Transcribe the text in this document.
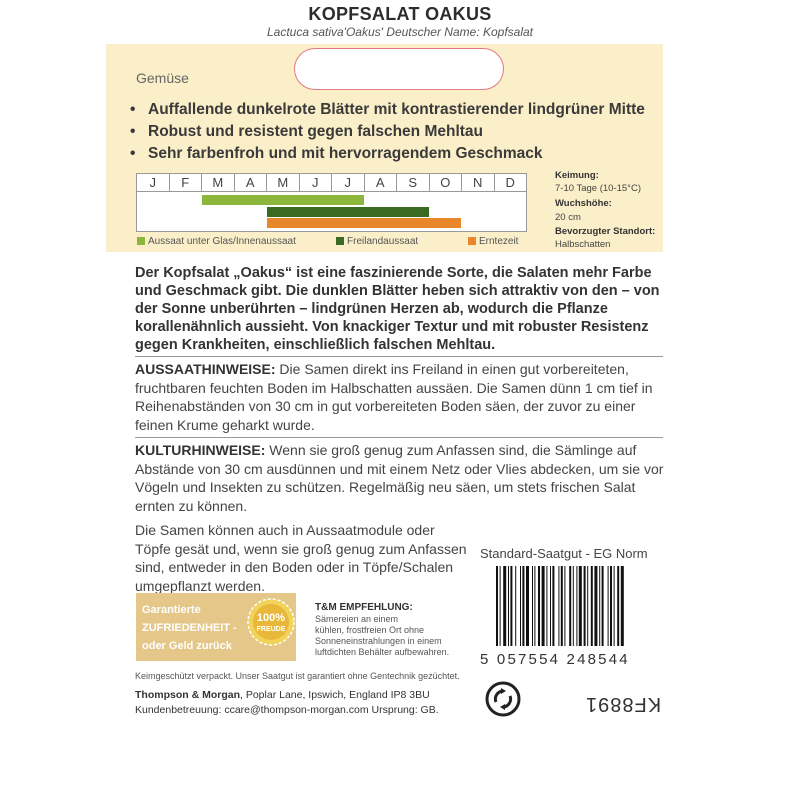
KOPFSALAT OAKUS
Lactuca sativa'Oakus' Deutscher Name: Kopfsalat
Gemüse
• Auffallende dunkelrote Blätter mit kontrastierender lindgrüner Mitte
• Robust und resistent gegen falschen Mehltau
• Sehr farbenfroh und mit hervorragendem Geschmack
J	F	M	A	M	J	J	A	S	O	N	D
Aussaat unter Glas/Innenaussaat	Freilandaussaat	Erntezeit
Keimung:
7-10 Tage (10-15°C)
Wuchshöhe:
20 cm
Bevorzugter Standort:
Halbschatten
Der Kopfsalat „Oakus“ ist eine faszinierende Sorte, die Salaten mehr Farbe und Geschmack gibt. Die dunklen Blätter heben sich attraktiv von den – von der Sonne unberührten – lindgrünen Herzen ab, wodurch die Pflanze korallenähnlich aussieht. Von knackiger Textur und mit robuster Resistenz gegen Krankheiten, einschließlich falschen Mehltau.
AUSSAATHINWEISE: Die Samen direkt ins Freiland in einen gut vorbereiteten, fruchtbaren feuchten Boden im Halbschatten aussäen. Die Samen dünn 1 cm tief in Reihenabständen von 30 cm in gut vorbereiteten Boden säen, der zuvor zu einer feinen Krume geharkt wurde.
KULTURHINWEISE: Wenn sie groß genug zum Anfassen sind, die Sämlinge auf Abstände von 30 cm ausdünnen und mit einem Netz oder Vlies abdecken, um sie vor Vögeln und Insekten zu schützen. Regelmäßig neu säen, um stets frischen Salat ernten zu können.
Die Samen können auch in Aussaatmodule oder Töpfe gesät und, wenn sie groß genug zum Anfassen sind, entweder in den Boden oder in Töpfe/Schalen umgepflanzt werden.
Standard-Saatgut - EG Norm
5 057554 248544
Garantierte
ZUFRIEDENHEIT -
oder Geld zurück
100%
FREUDE
T&M EMPFEHLUNG:
Sämereien an einem
kühlen, frostfreien Ort ohne
Sonneneinstrahlungen in einem
luftdichten Behälter aufbewahren.
Keimgeschützt verpackt. Unser Saatgut ist garantiert ohne Gentechnik gezüchtet.
Thompson & Morgan, Poplar Lane, Ipswich, England IP8 3BU
Kundenbetreuung: ccare@thompson-morgan.com Ursprung: GB.	KF8891
